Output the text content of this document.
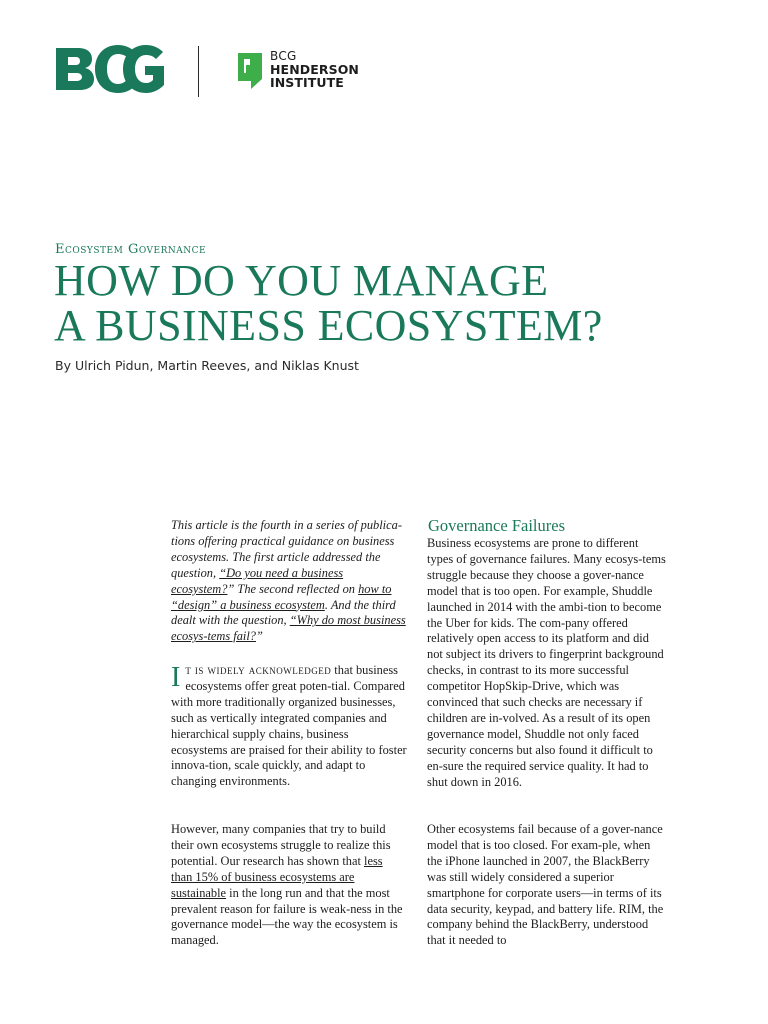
BCG
HENDERSON
INSTITUTE
Ecosystem Governance
HOW DO YOU MANAGE
A BUSINESS ECOSYSTEM?
By Ulrich Pidun, Martin Reeves, and Niklas Knust
This article is the fourth in a series of publica-tions offering practical guidance on business ecosystems. The first article addressed the question, “Do you need a business ecosystem?” The second reflected on how to “design” a business ecosystem. And the third dealt with the question, “Why do most business ecosys-tems fail?”

It is widely acknowledged that business ecosystems offer great poten-tial. Compared with more traditionally organized businesses, such as vertically integrated companies and hierarchical supply chains, business ecosystems are praised for their ability to foster innova-tion, scale quickly, and adapt to changing environments.

However, many companies that try to build their own ecosystems struggle to realize this potential. Our research has shown that less than 15% of business ecosystems are sustainable in the long run and that the most prevalent reason for failure is weak-ness in the governance model—the way the ecosystem is managed.

Governance Failures

Business ecosystems are prone to different types of governance failures. Many ecosys-tems struggle because they choose a gover-nance model that is too open. For example, Shuddle launched in 2014 with the ambi-tion to become the Uber for kids. The com-pany offered relatively open access to its platform and did not subject its drivers to fingerprint background checks, in contrast to its more successful competitor HopSkip-Drive, which was convinced that such checks are necessary if children are in-volved. As a result of its open governance model, Shuddle not only faced security concerns but also found it difficult to en-sure the required service quality. It had to shut down in 2016.

Other ecosystems fail because of a gover-nance model that is too closed. For exam-ple, when the iPhone launched in 2007, the BlackBerry was still widely considered a superior smartphone for corporate users—in terms of its data security, keypad, and battery life. RIM, the company behind the BlackBerry, understood that it needed to
